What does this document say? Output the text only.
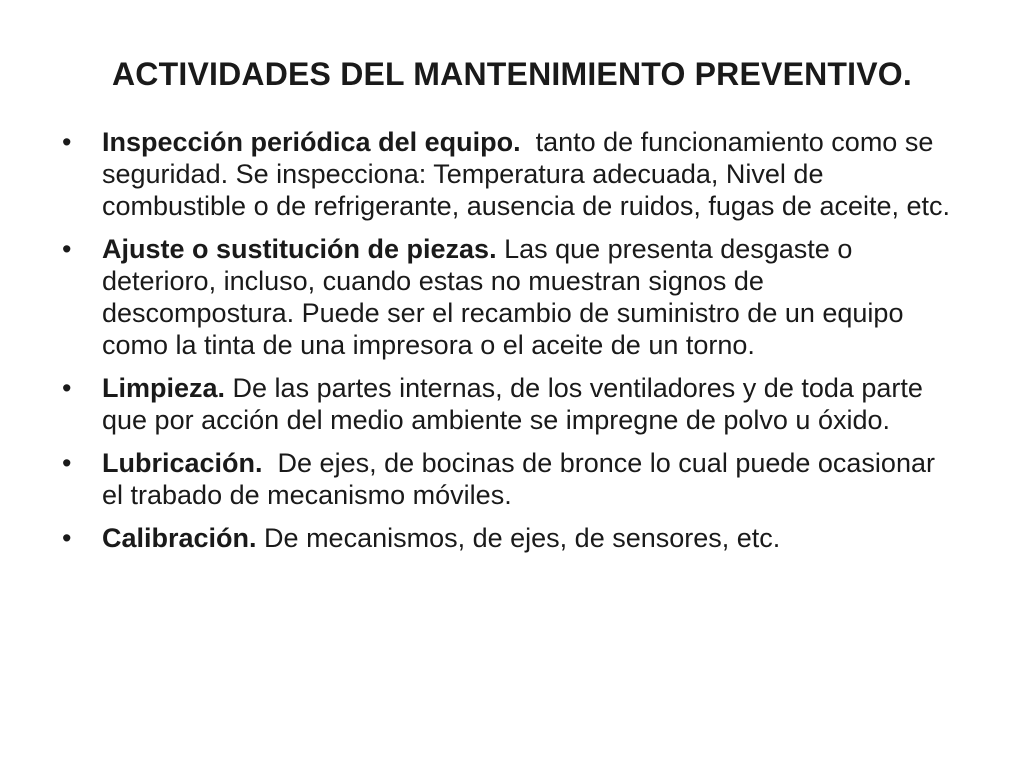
ACTIVIDADES DEL MANTENIMIENTO PREVENTIVO.
•	Inspección periódica del equipo.  tanto de funcionamiento como se seguridad. Se inspecciona: Temperatura adecuada, Nivel de combustible o de refrigerante, ausencia de ruidos, fugas de aceite, etc.
•	Ajuste o sustitución de piezas. Las que presenta desgaste o deterioro, incluso, cuando estas no muestran signos de descompostura. Puede ser el recambio de suministro de un equipo como la tinta de una impresora o el aceite de un torno.
•	Limpieza. De las partes internas, de los ventiladores y de toda parte que por acción del medio ambiente se impregne de polvo u óxido.
•	Lubricación.  De ejes, de bocinas de bronce lo cual puede ocasionar el trabado de mecanismo móviles.
•	Calibración. De mecanismos, de ejes, de sensores, etc.
